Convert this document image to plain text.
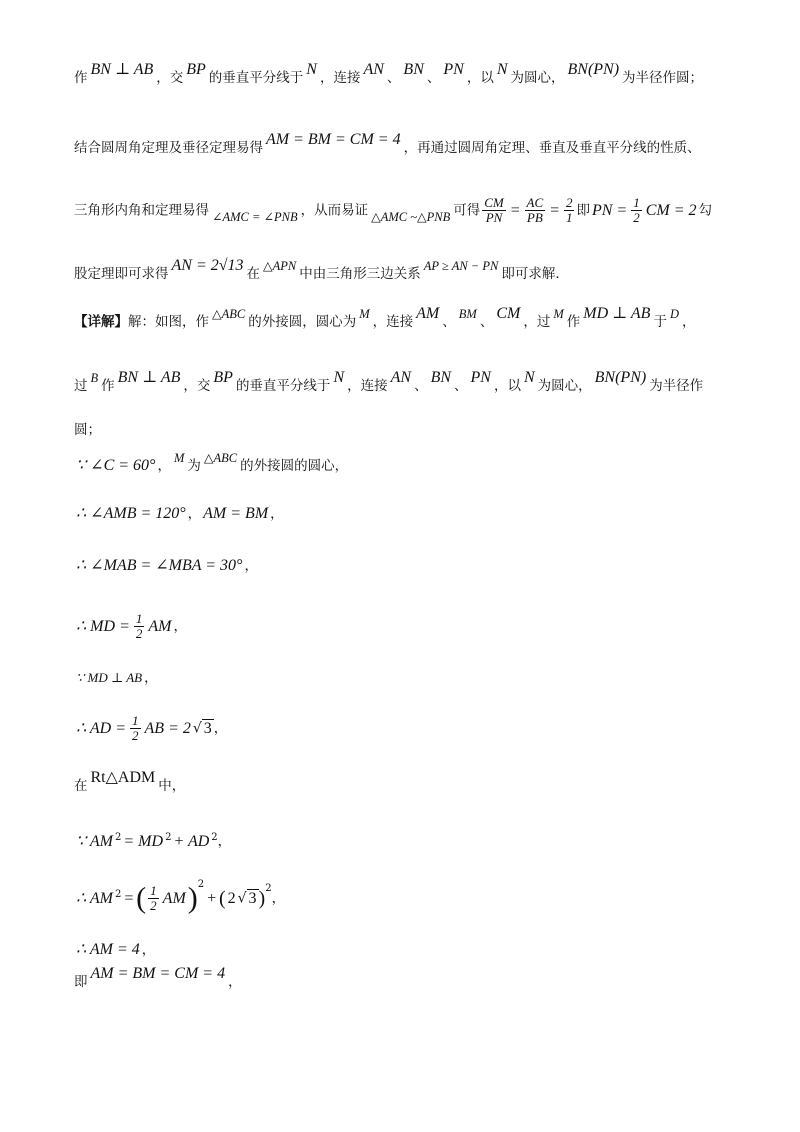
作 BN ⊥ AB ，交 BP 的垂直平分线于 N ，连接 AN 、 BN 、 PN ，以 N 为圆心， BN(PN) 为半径作圆；
结合圆周角定理及垂径定理易得 AM = BM = CM = 4 ，再通过圆周角定理、垂直及垂直平分线的性质、
三角形内角和定理易得 ∠AMC = ∠PNB ，从而易证 △AMC ~△PNB 可得 $\frac{CM}{PN} = \frac{AC}{PB} = \frac{2}{1}$ 即 PN = $\frac{1}{2}$ CM = 2 勾
股定理即可求得 AN = 2√13 在 △APN 中由三角形三边关系 AP ≥ AN − PN 即可求解．
【详解】解：如图，作 △ABC 的外接圆，圆心为 M ，连接 AM 、 BM 、 CM ，过 M 作 MD ⊥ AB 于 D ，
过 B 作 BN ⊥ AB ，交 BP 的垂直平分线于 N ，连接 AN 、 BN 、 PN ，以 N 为圆心， BN(PN) 为半径作
圆；
∵ ∠C = 60° ， M 为 △ABC 的外接圆的圆心，
∴ ∠AMB = 120° ， AM = BM ，
∴ ∠MAB = ∠MBA = 30° ，
∴ MD = $\frac{1}{2}$ AM ，
∵ MD ⊥ AB ，
∴ AD = $\frac{1}{2}$ AB = 2 √ 3 ，
在 Rt△ADM 中，
∵ AM $^2$ = MD $^2$ + AD $^2$，
∴ AM $^2$ =( $\frac{1}{2} AM)^2+$ ( 2 √ 3 )$^2$，
∴ AM = 4 ，
即 AM = BM = CM = 4 ，
